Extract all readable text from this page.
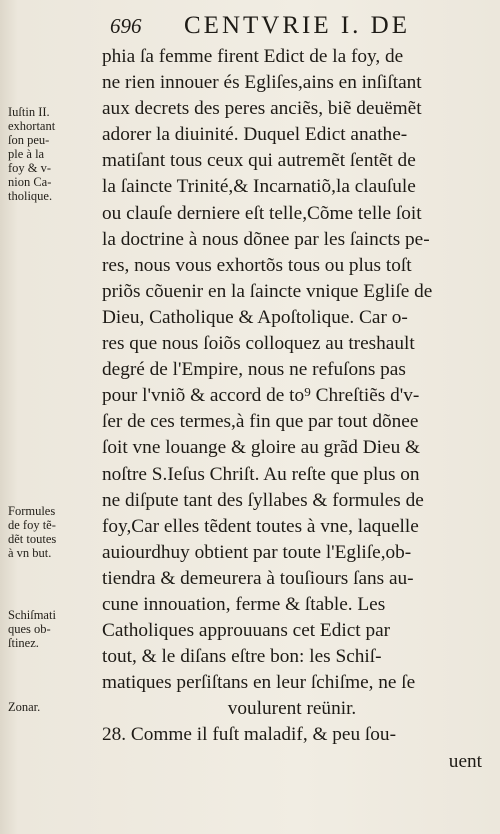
696 CENTVRIE I. DE
phia ſa femme firent Edict de la foy, de
ne rien innouer és Egliſes,ains en inſiſtant
aux decrets des peres anciẽs, biẽ deuëmẽt
adorer la diuinité. Duquel Edict anathe-
matiſant tous ceux qui autremẽt ſentẽt de
la ſaincte Trinité,& Incarnatiõ,la clauſule
ou clauſe derniere eſt telle,Cõme telle ſoit
la doctrine à nous dõnee par les ſaincts pe-
res, nous vous exhortõs tous ou plus toſt
priõs cõuenir en la ſaincte vnique Egliſe de
Dieu, Catholique & Apoſtolique. Car o-
res que nous ſoiõs colloquez au treshault
degré de l'Empire, nous ne refuſons pas
pour l'vniõ & accord de to⁹ Chreſtiẽs d'v-
ſer de ces termes,à fin que par tout dõnee
ſoit vne louange & gloire au grãd Dieu &
noſtre S.Ieſus Chriſt. Au reſte que plus on
ne diſpute tant des ſyllabes & formules de
foy,Car elles tẽdent toutes à vne, laquelle
auiourdhuy obtient par toute l'Egliſe,ob-
tiendra & demeurera à touſiours ſans au-
cune innouation, ferme & ſtable. Les
Catholiques approuuans cet Edict par
tout, & le diſans eſtre bon: les Schiſ-
matiques perſiſtans en leur ſchiſme, ne ſe
voulurent reünir.
28. Comme il fuſt maladif, & peu ſou-
uent
Iuſtin II.
exhortant
ſon peu-
ple à la
foy & v-
nion Ca-
tholique.
Formules
de foy tẽ-
dẽt toutes
à vn but.
Schiſmati
ques ob-
ſtinez.
Zonar.
